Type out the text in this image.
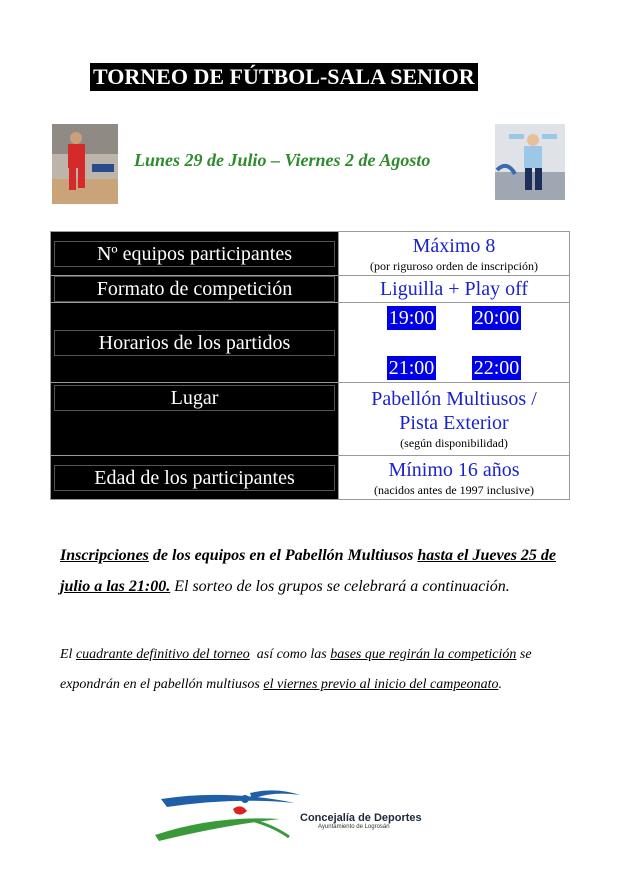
TORNEO DE FÚTBOL-SALA SENIOR
Lunes 29 de Julio – Viernes 2 de Agosto
Nº equipos participantes	Máximo 8
(por riguroso orden de inscripción)

Formato de competición	Liguilla + Play off

Horarios de los partidos	19:00 20:00
21:00 22:00

Lugar	Pabellón Multiusos /
Pista Exterior
(según disponibilidad)

Edad de los participantes	Mínimo 16 años
(nacidos antes de 1997 inclusive)
Inscripciones de los equipos en el Pabellón Multiusos hasta el Jueves 25 de julio a las 21:00. El sorteo de los grupos se celebrará a continuación.
El cuadrante definitivo del torneo  así como las bases que regirán la competición se expondrán en el pabellón multiusos el viernes previo al inicio del campeonato.
Concejalía de Deportes
Ayuntamiento de Logrosán
